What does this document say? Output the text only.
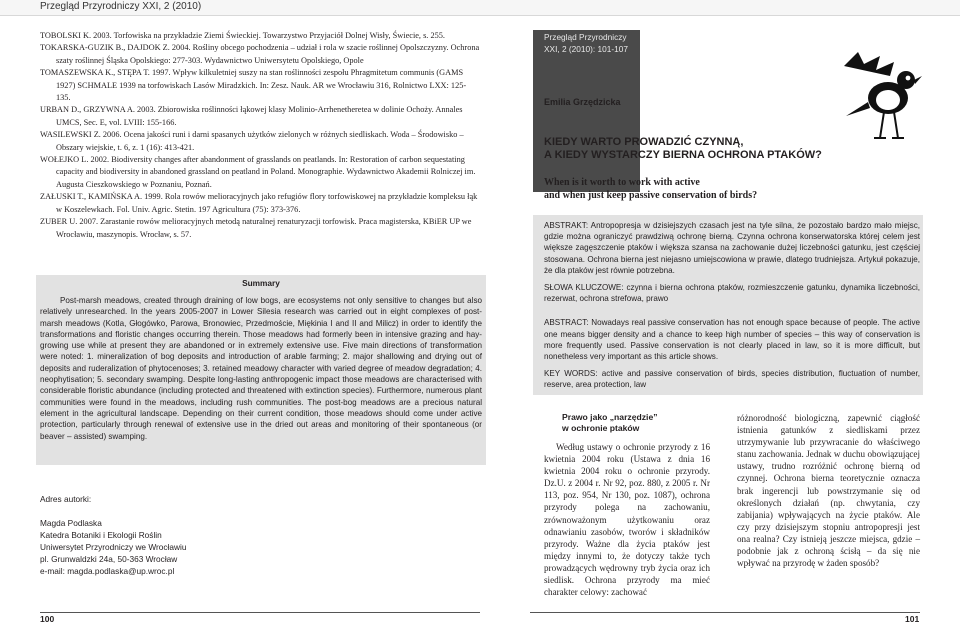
Przegląd Przyrodniczy XXI, 2 (2010)

TOBOLSKI K. 2003. Torfowiska na przykładzie Ziemi Świeckiej. Towarzystwo Przyjaciół Dolnej Wisły, Świecie, s. 255.

TOKARSKA-GUZIK B., DAJDOK Z. 2004. Rośliny obcego pochodzenia – udział i rola w szacie roślinnej Opolszczyzny. Ochrona szaty roślinnej Śląska Opolskiego: 277-303. Wydawnictwo Uniwersytetu Opolskiego, Opole

TOMASZEWSKA K., STĘPA T. 1997. Wpływ kilkuletniej suszy na stan roślinności zespołu Phragmitetum communis (GAMS 1927) SCHMALE 1939 na torfowiskach Lasów Miradzkich. In: Zesz. Nauk. AR we Wrocławiu 316, Rolnictwo LXX: 125-135.

URBAN D., GRZYWNA A. 2003. Zbiorowiska roślinności łąkowej klasy Molinio-Arrhenetheretea w dolinie Ochoży. Annales UMCS, Sec. E, vol. LVIII: 155-166.

WASILEWSKI Z. 2006. Ocena jakości runi i darni spasanych użytków zielonych w różnych siedliskach. Woda – Środowisko – Obszary wiejskie, t. 6, z. 1 (16): 413-421.

WOŁEJKO L. 2002. Biodiversity changes after abandonment of grasslands on peatlands. In: Restoration of carbon sequestating capacity and biodiversity in abandoned grassland on peatland in Poland. Monographie. Wydawnictwo Akademii Rolniczej im. Augusta Cieszkowskiego w Poznaniu, Poznań.

ZAŁUSKI T., KAMIŃSKA A. 1999. Rola rowów melioracyjnych jako refugiów flory torfowiskowej na przykładzie kompleksu łąk w Koszelewkach. Fol. Univ. Agric. Stetin. 197 Agricultura (75): 373-376.

ZUBER U. 2007. Zarastanie rowów melioracyjnych metodą naturalnej renaturyzacji torfowisk. Praca magisterska, KBiER UP we Wrocławiu, maszynopis. Wrocław, s. 57.

Summary

Post-marsh meadows, created through draining of low bogs, are ecosystems not only sensitive to changes but also relatively unresearched. In the years 2005-2007 in Lower Silesia research was carried out in eight complexes of post-marsh meadows (Kotla, Głogówko, Parowa, Bronowiec, Przedmoście, Miękinia I and II and Milicz) in order to identify the transformations and floristic changes occurring therein. Those meadows had formerly been in intensive grazing and hay-growing use while at present they are abandoned or in extremely extensive use. Five main directions of transformation were noted: 1. mineralization of bog deposits and introduction of arable farming; 2. major shallowing and drying out of deposits and ruderalization of phytocenoses; 3. retained meadowy character with varied degree of meadow degradation; 4. neophytisation; 5. secondary swamping. Despite long-lasting anthropogenic impact those meadows are characterised with considerable floristic abundance (including protected and threatened with extinction species). Furthermore, numerous plant communities were found in the meadows, including rush communities. The post-bog meadows are a precious natural element in the agricultural landscape. Depending on their current condition, those meadows should come under active protection, particularly through renewal of extensive use in the dried out areas and monitoring of their spontaneous (or beaver – assisted) swamping.

Adres autorki:

Magda Podlaska

Katedra Botaniki i Ekologii Roślin

Uniwersytet Przyrodniczy we Wrocławiu

pl. Grunwaldzki 24a, 50-363 Wrocław

e-mail: magda.podlaska@up.wroc.pl

100

Przegląd Przyrodniczy

XXI, 2 (2010): 101-107

Emilia Grzędzicka

KIEDY WARTO PROWADZIĆ CZYNNĄ,

A KIEDY WYSTARCZY BIERNA OCHRONA PTAKÓW?

When is it worth to work with active

and when just keep passive conservation of birds?

ABSTRAKT: Antropopresja w dzisiejszych czasach jest na tyle silna, że pozostało bardzo mało miejsc, gdzie można ograniczyć prawdziwą ochronę bierną. Czynna ochrona konserwatorska której celem jest większe zagęszczenie ptaków i większa szansa na zachowanie dużej liczebności gatunku, jest częściej stosowana. Ochrona bierna jest niejasno umiejscowiona w prawie, dlatego trudniejsza. Artykuł pokazuje, że dla ptaków jest równie potrzebna.

SŁOWA KLUCZOWE: czynna i bierna ochrona ptaków, rozmieszczenie gatunku, dynamika liczebności, rezerwat, ochrona strefowa, prawo

ABSTRACT: Nowadays real passive conservation has not enough space because of people. The active one means bigger density and a chance to keep high number of species – this way of conservation is more frequently used. Passive conservation is not clearly placed in law, so it is more difficult, but nonetheless very important as this article shows.

KEY WORDS: active and passive conservation of birds, species distribution, fluctuation of number, reserve, area protection, law

Prawo jako „narzędzie”

w ochronie ptaków

Według ustawy o ochronie przyrody z 16 kwietnia 2004 roku (Ustawa z dnia 16 kwietnia 2004 roku o ochronie przyrody. Dz.U. z 2004 r. Nr 92, poz. 880, z 2005 r. Nr 113, poz. 954, Nr 130, poz. 1087), ochrona przyrody polega na zachowaniu, zrównoważonym użytkowaniu oraz odnawianiu zasobów, tworów i składników przyrody. Ważne dla życia ptaków jest między innymi to, że dotyczy także tych prowadzących wędrowny tryb życia oraz ich siedlisk. Ochrona przyrody ma mieć charakter celowy: zachować

różnorodność biologiczną, zapewnić ciągłość istnienia gatunków z siedliskami przez utrzymywanie lub przywracanie do właściwego stanu zachowania. Jednak w duchu obowiązującej ustawy, trudno rozróżnić ochronę bierną od czynnej. Ochrona bierna teoretycznie oznacza brak ingerencji lub powstrzymanie się od określonych działań (np. chwytania, czy zabijania) wpływających na życie ptaków. Ale czy przy dzisiejszym stopniu antropopresji jest ona realna? Czy istnieją jeszcze miejsca, gdzie – podobnie jak z ochroną ścisłą – da się nie wpływać na przyrodę w żaden sposób?

101
